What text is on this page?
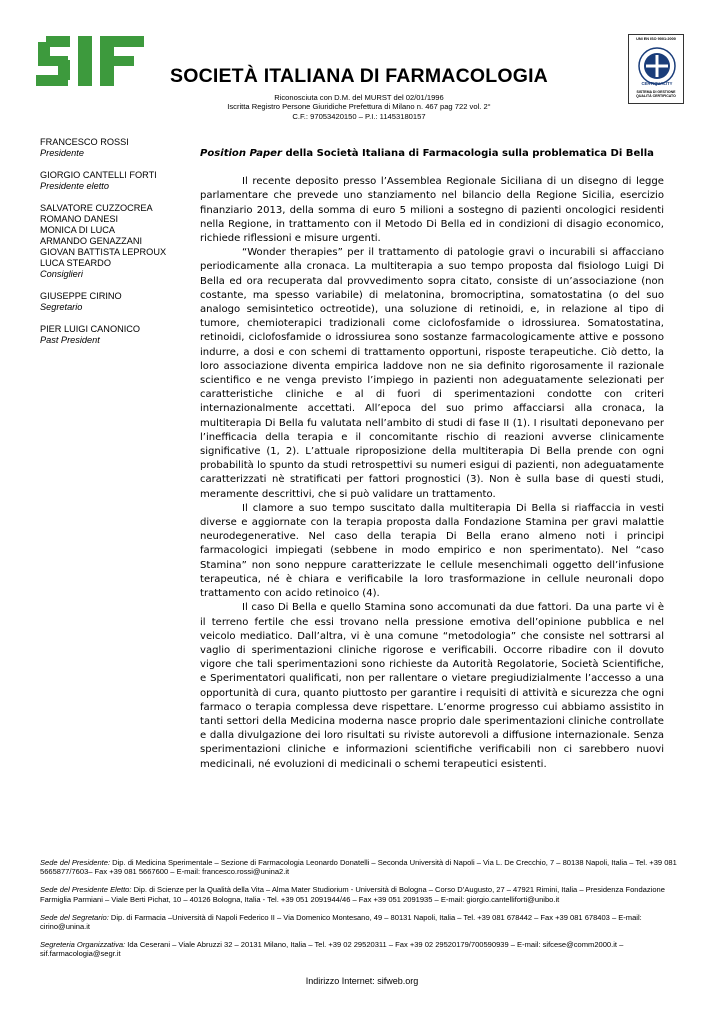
SOCIETÀ ITALIANA DI FARMACOLOGIA
Riconosciuta con D.M. del MURST del 02/01/1996
Iscritta Registro Persone Giuridiche Prefettura di Milano n. 467 pag 722 vol. 2°
C.F.: 97053420150 – P.I.: 11453180157
UNI EN ISO 9001:2000
CERTIQUALITY
SISTEMA DI GESTIONE QUALITÀ CERTIFICATO
FRANCESCO ROSSI
Presidente
GIORGIO CANTELLI FORTI
Presidente eletto
SALVATORE CUZZOCREA
ROMANO DANESI
MONICA DI LUCA
ARMANDO GENAZZANI
GIOVAN BATTISTA LEPROUX
LUCA STEARDO
Consiglieri
GIUSEPPE CIRINO
Segretario
PIER LUIGI CANONICO
Past President
Position Paper della Società Italiana di Farmacologia sulla problematica Di Bella

Il recente deposito presso l’Assemblea Regionale Siciliana di un disegno di legge parlamentare che prevede uno stanziamento nel bilancio della Regione Sicilia, esercizio finanziario 2013, della somma di euro 5 milioni a sostegno di pazienti oncologici residenti nella Regione, in trattamento con il Metodo Di Bella ed in condizioni di disagio economico, richiede riflessioni e misure urgenti.

“Wonder therapies” per il trattamento di patologie gravi o incurabili si affacciano periodicamente alla cronaca. La multiterapia a suo tempo proposta dal fisiologo Luigi Di Bella ed ora recuperata dal provvedimento sopra citato, consiste di un’associazione (non costante, ma spesso variabile) di melatonina, bromocriptina, somatostatina (o del suo analogo semisintetico octreotide), una soluzione di retinoidi, e, in relazione al tipo di tumore, chemioterapici tradizionali come ciclofosfamide o idrossiurea. Somatostatina, retinoidi, ciclofosfamide o idrossiurea sono sostanze farmacologicamente attive e possono indurre, a dosi e con schemi di trattamento opportuni, risposte terapeutiche. Ciò detto, la loro associazione diventa empirica laddove non ne sia definito rigorosamente il razionale scientifico e ne venga previsto l’impiego in pazienti non adeguatamente selezionati per caratteristiche cliniche e al di fuori di sperimentazioni condotte con criteri internazionalmente accettati. All’epoca del suo primo affacciarsi alla cronaca, la multiterapia Di Bella fu valutata nell’ambito di studi di fase II (1). I risultati deponevano per l’inefficacia della terapia e il concomitante rischio di reazioni avverse clinicamente significative (1, 2). L’attuale riproposizione della multiterapia Di Bella prende con ogni probabilità lo spunto da studi retrospettivi su numeri esigui di pazienti, non adeguatamente caratterizzati nè stratificati per fattori prognostici (3). Non è sulla base di questi studi, meramente descrittivi, che si può validare un trattamento.

Il clamore a suo tempo suscitato dalla multiterapia Di Bella si riaffaccia in vesti diverse e aggiornate con la terapia proposta dalla Fondazione Stamina per gravi malattie neurodegenerative. Nel caso della terapia Di Bella erano almeno noti i principi farmacologici impiegati (sebbene in modo empirico e non sperimentato). Nel “caso Stamina” non sono neppure caratterizzate le cellule mesenchimali oggetto dell’infusione terapeutica, né è chiara e verificabile la loro trasformazione in cellule neuronali dopo trattamento con acido retinoico (4).

Il caso Di Bella e quello Stamina sono accomunati da due fattori. Da una parte vi è il terreno fertile che essi trovano nella pressione emotiva dell’opinione pubblica e nel veicolo mediatico. Dall’altra, vi è una comune “metodologia” che consiste nel sottrarsi al vaglio di sperimentazioni cliniche rigorose e verificabili. Occorre ribadire con il dovuto vigore che tali sperimentazioni sono richieste da Autorità Regolatorie, Società Scientifiche, e Sperimentatori qualificati, non per rallentare o vietare pregiudizialmente l’accesso a una opportunità di cura, quanto piuttosto per garantire i requisiti di attività e sicurezza che ogni farmaco o terapia complessa deve rispettare. L’enorme progresso cui abbiamo assistito in tanti settori della Medicina moderna nasce proprio dale sperimentazioni cliniche controllate e dalla divulgazione dei loro risultati su riviste autorevoli a diffusione internazionale. Senza sperimentazioni cliniche e informazioni scientifiche verificabili non ci sarebbero nuovi medicinali, né evoluzioni di medicinali o schemi terapeutici esistenti.

Sede del Presidente: Dip. di Medicina Sperimentale – Sezione di Farmacologia Leonardo Donatelli – Seconda Università di Napoli – Via L. De Crecchio, 7 – 80138 Napoli, Italia – Tel. +39 081 5665877/7603– Fax +39 081 5667600 – E-mail: francesco.rossi@unina2.it
Sede del Presidente Eletto: Dip. di Scienze per la Qualità della Vita – Alma Mater Studiorium - Università di Bologna – Corso D’Augusto, 27 – 47921 Rimini, Italia – Presidenza Fondazione Farmiglia Parmiani – Viale Berti Pichat, 10 – 40126 Bologna, Italia - Tel. +39 051 2091944/46 – Fax +39 051 2091935 – E-mail: giorgio.cantelliforti@unibo.it
Sede del Segretario: Dip. di Farmacia –Università di Napoli Federico II – Via Domenico Montesano, 49 – 80131 Napoli, Italia – Tel. +39 081 678442 – Fax +39 081 678403 – E-mail: cirino@unina.it
Segreteria Organizzativa: Ida Ceserani – Viale Abruzzi 32 – 20131 Milano, Italia – Tel. +39 02 29520311 – Fax +39 02 29520179/700590939 – E-mail: sifcese@comm2000.it – sif.farmacologia@segr.it
Indirizzo Internet: sifweb.org
